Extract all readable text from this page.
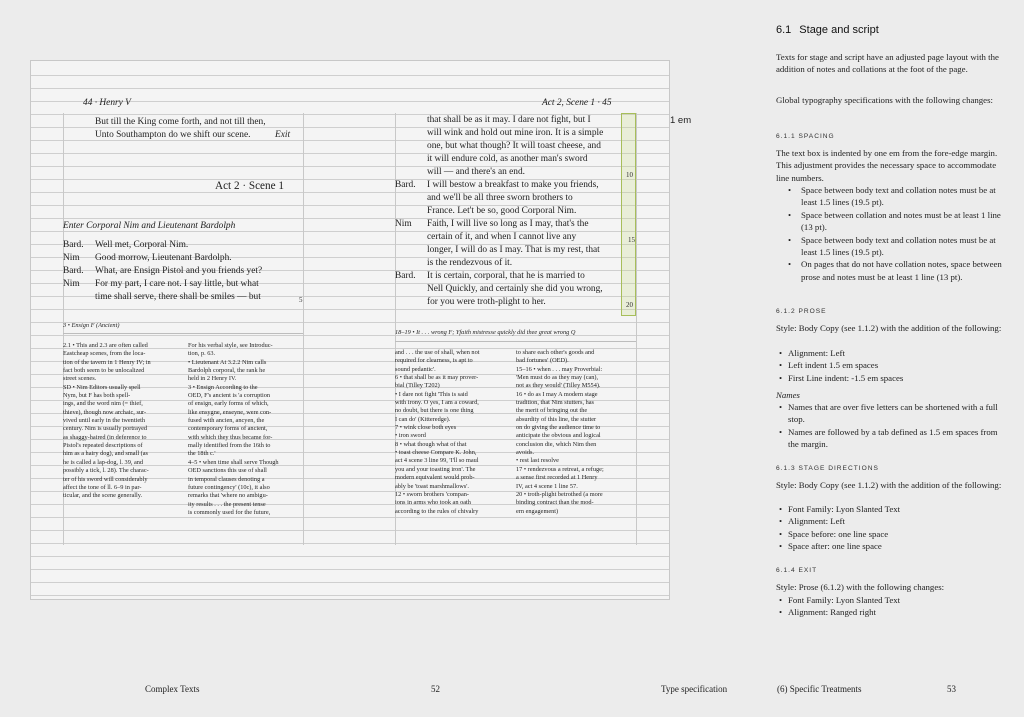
44 · Henry V	Act 2, Scene 1 · 45
But till the King come forth, and not till then,
Unto Southampton do we shift our scene.	Exit
Act 2 · Scene 1
Enter Corporal Nim and Lieutenant Bardolph
Bard. Well met, Corporal Nim.
Nim Good morrow, Lieutenant Bardolph.
Bard. What, are Ensign Pistol and you friends yet?
Nim For my part, I care not. I say little, but what
time shall serve, there shall be smiles — but	5
3 • Ensign F (Ancient)
2.1 • This and 2.3 are often called
Eastcheap scenes, from the loca-
tion of the tavern in 1 Henry IV; in
fact both seem to be unlocalized
street scenes.
SD • Nim Editors usually spell
Nym, but F has both spell-
ings, and the word nim (= thief,
thieve), though now archaic, sur-
vived until early in the twentieth
century. Nim is usually portrayed
as shaggy-haired (in deference to
Pistol's repeated descriptions of
him as a hairy dog), and small (as
he is called a lap-dog, l. 39, and
possibly a tick, l. 28). The charac-
ter of his sword will considerably
affect the tone of ll. 6–9 in par-
ticular, and the scene generally.
For his verbal style, see Introduc-
tion, p. 63.
• Lieutenant At 3.2.2 Nim calls
Bardolph corporal, the rank he
held in 2 Henry IV.
3 • Ensign According to the
OED, F's ancient is 'a corruption
of ensign, early forms of which,
like ensygne, enseyne, were con-
fused with ancien, ancyen, the
contemporary forms of ancient,
with which they thus became for-
mally identified from the 16th to
the 18th c.'
4–5 • when time shall serve Though
OED sanctions this use of shall
in temporal clauses denoting a
future contingency' (10c), it also
remarks that 'where no ambigu-
ity results . . . the present tense
is commonly used for the future,
that shall be as it may. I dare not fight, but I
will wink and hold out mine iron. It is a simple
one, but what though? It will toast cheese, and
it will endure cold, as another man's sword
will — and there's an end.
Bard. I will bestow a breakfast to make you friends,
and we'll be all three sworn brothers to
France. Let't be so, good Corporal Nim.
Nim Faith, I will live so long as I may, that's the
certain of it, and when I cannot live any
longer, I will do as I may. That is my rest, that
is the rendezvous of it.
Bard. It is certain, corporal, that he is married to
Nell Quickly, and certainly she did you wrong,
for you were troth-plight to her.
10
15
20
18–19 • It . . . wrong F; Yfaith mistresse quickly did thee great wrong Q
and . . . the use of shall, when not
required for clearness, is apt to
sound pedantic'.
6 • that shall be as it may prover-
bial (Tilley T202)
• I dare not fight 'This is said
with irony. O yes, I am a coward,
no doubt, but there is one thing
I can do' (Kitteredge).
7 • wink close both eyes
• iron sword
8 • what though what of that
• toast cheese Compare K. John,
act 4 scene 3 line 99, 'I'll so maul
you and your toasting iron'. The
modern equivalent would prob-
ably be 'toast marshmallows'.
12 • sworn brothers 'compan-
ions in arms who took an oath
according to the rules of chivalry
to share each other's goods and
bad fortunes' (OED).
15–16 • when . . . may Proverbial:
'Men must do as they may (can),
not as they would' (Tilley M554).
16 • do as I may A modern stage
tradition, that Nim stutters, has
the merit of bringing out the
absurdity of this line, the stutter
on do giving the audience time to
anticipate the obvious and logical
conclusion die, which Nim then
avoids.
• rest last resolve
17 • rendezvous a retreat, a refuge;
a sense first recorded at 1 Henry
IV, act 4 scene 1 line 57.
20 • troth-plight betrothed (a more
binding contract than the mod-
ern engagement)
1 em
6.1 Stage and script
Texts for stage and script have an adjusted page layout with the addition of notes and collations at the foot of the page.
Global typography specifications with the following changes:
6.1.1 SPACING
The text box is indented by one em from the fore-edge margin. This adjustment provides the necessary space to accommodate line numbers.
• Space between body text and collation notes must be at least 1.5 lines (19.5 pt).
• Space between collation and notes must be at least 1 line (13 pt).
• Space between body text and collation notes must be at least 1.5 lines (19.5 pt).
• On pages that do not have collation notes, space between prose and notes must be at least 1 line (13 pt).
6.1.2 PROSE
Style: Body Copy (see 1.1.2) with the addition of the following:
• Alignment: Left
• Left indent 1.5 em spaces
• First Line indent: -1.5 em spaces
Names
• Names that are over five letters can be shortened with a full stop.
• Names are followed by a tab defined as 1.5 em spaces from the margin.
6.1.3 STAGE DIRECTIONS
Style: Body Copy (see 1.1.2) with the addition of the following:
• Font Family: Lyon Slanted Text
• Alignment: Left
• Space before: one line space
• Space after: one line space
6.1.4 EXIT
Style: Prose (6.1.2) with the following changes:
• Font Family: Lyon Slanted Text
• Alignment: Ranged right
Complex Texts	52	Type specification	(6) Specific Treatments	53
